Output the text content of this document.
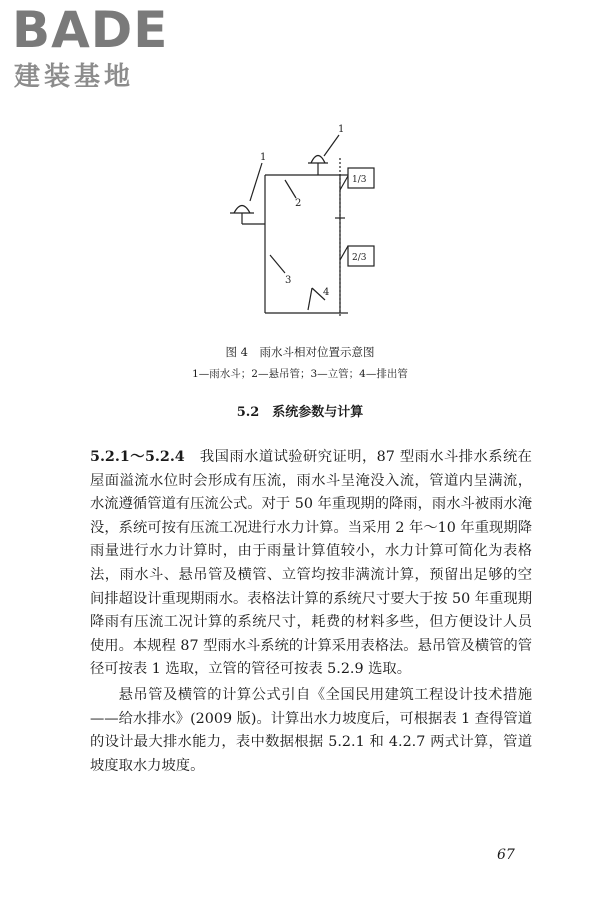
BADE
建装基地
1
1
2
3
4
1/3
2/3
图 4　雨水斗相对位置示意图
1—雨水斗；2—悬吊管；3—立管；4—排出管
5.2　系统参数与计算

5.2.1～5.2.4　我国雨水道试验研究证明，87 型雨水斗排水系统在屋面溢流水位时会形成有压流，雨水斗呈淹没入流，管道内呈满流，水流遵循管道有压流公式。对于 50 年重现期的降雨，雨水斗被雨水淹没，系统可按有压流工况进行水力计算。当采用 2 年～10 年重现期降雨量进行水力计算时，由于雨量计算值较小，水力计算可简化为表格法，雨水斗、悬吊管及横管、立管均按非满流计算，预留出足够的空间排超设计重现期雨水。表格法计算的系统尺寸要大于按 50 年重现期降雨有压流工况计算的系统尺寸，耗费的材料多些，但方便设计人员使用。本规程 87 型雨水斗系统的计算采用表格法。悬吊管及横管的管径可按表 1 选取，立管的管径可按表 5.2.9 选取。

悬吊管及横管的计算公式引自《全国民用建筑工程设计技术措施——给水排水》(2009 版)。计算出水力坡度后，可根据表 1 查得管道的设计最大排水能力，表中数据根据 5.2.1 和 4.2.7 两式计算，管道坡度取水力坡度。

67
